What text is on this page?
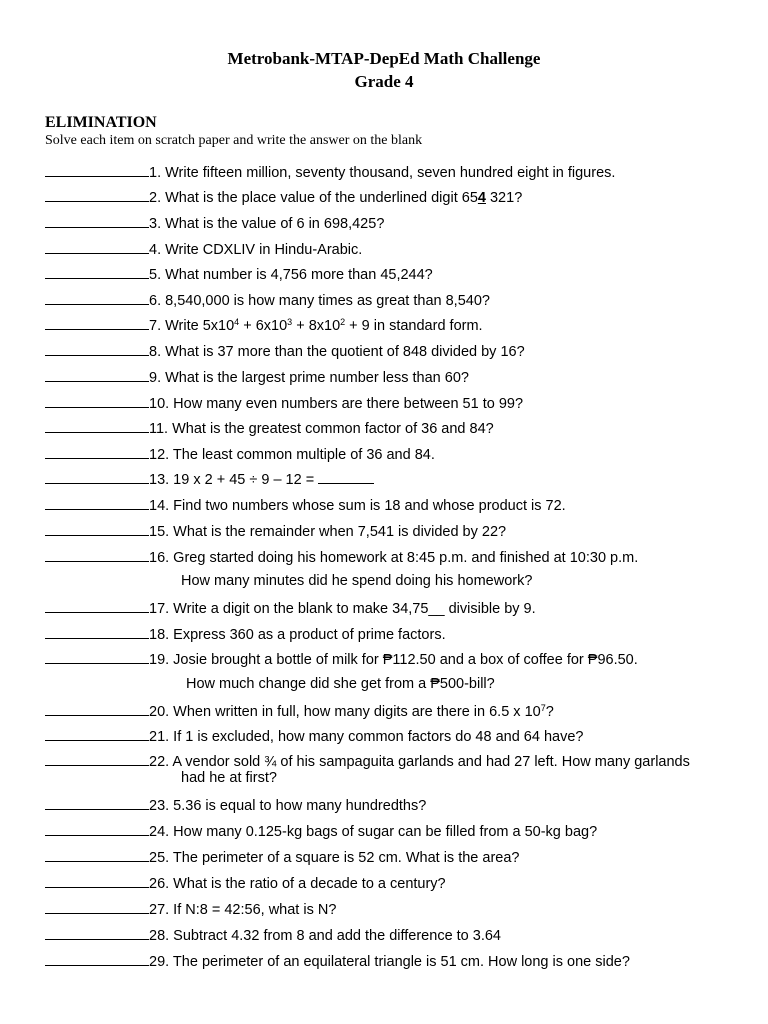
Metrobank-MTAP-DepEd Math Challenge
Grade 4
ELIMINATION
Solve each item on scratch paper and write the answer on the blank
1. Write fifteen million, seventy thousand, seven hundred eight in figures.
2. What is the place value of the underlined digit 654 321?
3. What is the value of 6 in 698,425?
4. Write CDXLIV in Hindu-Arabic.
5. What number is 4,756 more than 45,244?
6. 8,540,000 is how many times as great than 8,540?
7. Write $5x10^4 + 6x10^3 + 8x10^2 + 9$ in standard form.
8. What is 37 more than the quotient of 848 divided by 16?
9. What is the largest prime number less than 60?
10. How many even numbers are there between 51 to 99?
11. What is the greatest common factor of 36 and 84?
12. The least common multiple of 36 and 84.
13. 19 x 2 + 45 ÷ 9 – 12 =
14. Find two numbers whose sum is 18 and whose product is 72.
15. What is the remainder when 7,541 is divided by 22?
16. Greg started doing his homework at 8:45 p.m. and finished at 10:30 p.m.
How many minutes did he spend doing his homework?
17. Write a digit on the blank to make 34,75__ divisible by 9.
18. Express 360 as a product of prime factors.
19. Josie brought a bottle of milk for ₱112.50 and a box of coffee for ₱96.50.
How much change did she get from a ₱500-bill?
20. When written in full, how many digits are there in 6.5 x $10^7$?
21. If 1 is excluded, how many common factors do 48 and 64 have?
22. A vendor sold ¾ of his sampaguita garlands and had 27 left. How many garlands
had he at first?
23. 5.36 is equal to how many hundredths?
24. How many 0.125-kg bags of sugar can be filled from a 50-kg bag?
25. The perimeter of a square is 52 cm. What is the area?
26. What is the ratio of a decade to a century?
27. If N:8 = 42:56, what is N?
28. Subtract 4.32 from 8 and add the difference to 3.64
29. The perimeter of an equilateral triangle is 51 cm. How long is one side?
